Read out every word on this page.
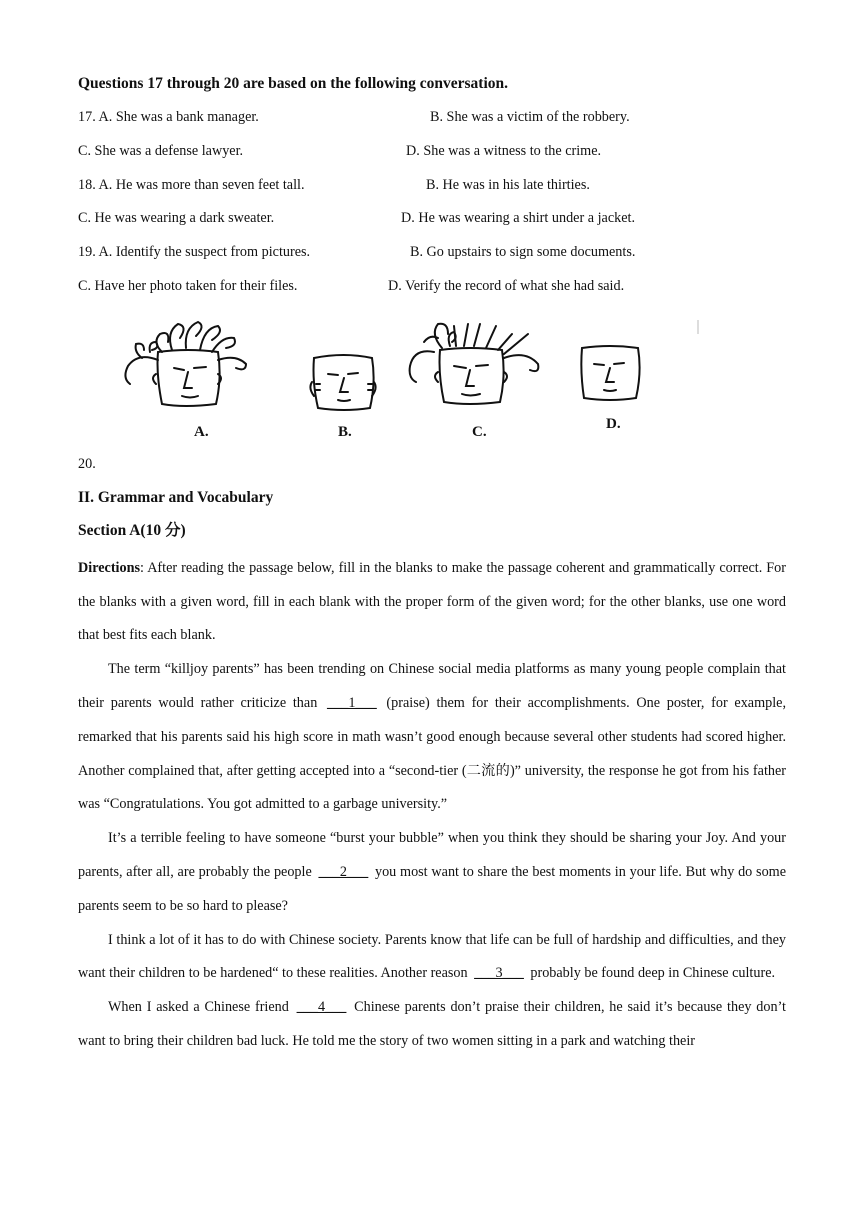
Questions 17 through 20 are based on the following conversation.

17. A. She was a bank manager.	B. She was a victim of the robbery.
C. She was a defense lawyer.	D. She was a witness to the crime.
18. A. He was more than seven feet tall.	B. He was in his late thirties.
C. He was wearing a dark sweater.	D. He was wearing a shirt under a jacket.
19. A. Identify the suspect from pictures.	B. Go upstairs to sign some documents.
C. Have her photo taken for their files.	D. Verify the record of what she had said.
A.	B.	C.	D.
20.

II. Grammar and Vocabulary

Section A(10 分)

Directions: After reading the passage below, fill in the blanks to make the passage coherent and grammatically correct. For the blanks with a given word, fill in each blank with the proper form of the given word; for the other blanks, use one word that best fits each blank.

The term “killjoy parents” has been trending on Chinese social media platforms as many young people complain that their parents would rather criticize than ___1___ (praise) them for their accomplishments. One poster, for example, remarked that his parents said his high score in math wasn’t good enough because several other students had scored higher. Another complained that, after getting accepted into a “second-tier (二流的)” university, the response he got from his father was “Congratulations. You got admitted to a garbage university.”

It’s a terrible feeling to have someone “burst your bubble” when you think they should be sharing your Joy. And your parents, after all, are probably the people ___2___ you most want to share the best moments in your life. But why do some parents seem to be so hard to please?

I think a lot of it has to do with Chinese society. Parents know that life can be full of hardship and difficulties, and they want their children to be hardened“ to these realities. Another reason ___3___ probably be found deep in Chinese culture.

When I asked a Chinese friend ___4___ Chinese parents don’t praise their children, he said it’s because they don’t want to bring their children bad luck. He told me the story of two women sitting in a park and watching their
